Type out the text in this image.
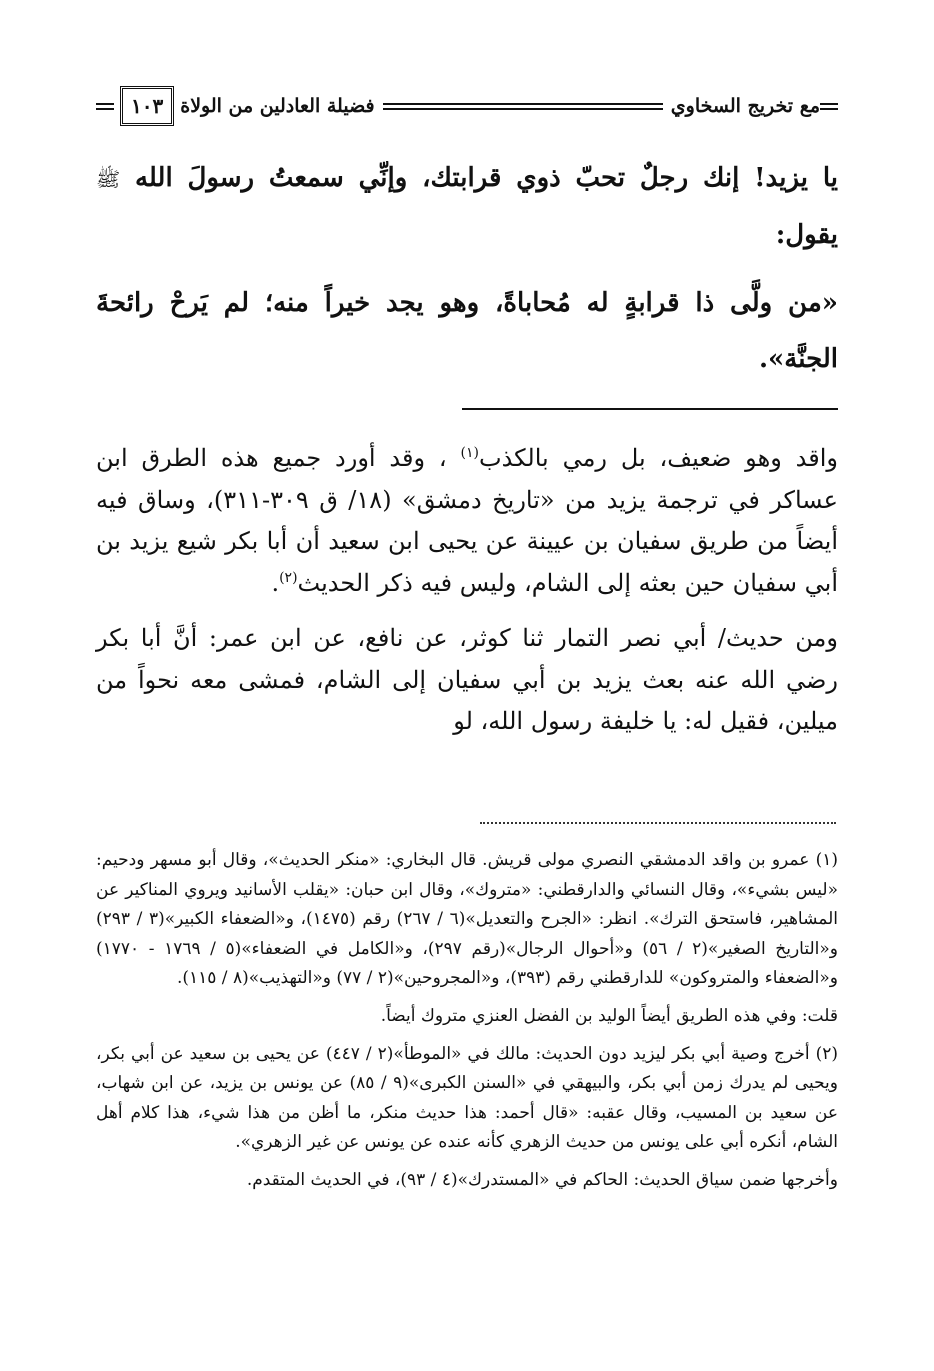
مع تخريج السخاوي
فضيلة العادلين من الولاة
١٠٣

يا يزيد! إنك رجلٌ تحبّ ذوي قرابتك، وإنِّي سمعتُ رسولَ الله ﷺ يقول:

«من ولَّى ذا قرابةٍ له مُحاباةً، وهو يجد خيراً منه؛ لم يَرحْ رائحةَ الجنَّة».

واقد وهو ضعيف، بل رمي بالكذب$^{(١)}$ ، وقد أورد جميع هذه الطرق ابن عساكر في ترجمة يزيد من «تاريخ دمشق» (١٨/ ق ٣٠٩-٣١١)، وساق فيه أيضاً من طريق سفيان بن عيينة عن يحيى ابن سعيد أن أبا بكر شيع يزيد بن أبي سفيان حين بعثه إلى الشام، وليس فيه ذكر الحديث$^{(٢)}$.

ومن حديث/ أبي نصر التمار ثنا كوثر، عن نافع، عن ابن عمر: أنَّ أبا بكر رضي الله عنه بعث يزيد بن أبي سفيان إلى الشام، فمشى معه نحواً من ميلين، فقيل له: يا خليفة رسول الله، لو

(١) عمرو بن واقد الدمشقي النصري مولى قريش. قال البخاري: «منكر الحديث»، وقال أبو مسهر ودحيم: «ليس بشيء»، وقال النسائي والدارقطني: «متروك»، وقال ابن حبان: «يقلب الأسانيد ويروي المناكير عن المشاهير، فاستحق الترك». انظر: «الجرح والتعديل»(٦ / ٢٦٧) رقم (١٤٧٥)، و«الضعفاء الكبير»(٣ / ٢٩٣) و«التاريخ الصغير»(٢ / ٥٦) و«أحوال الرجال»(رقم ٢٩٧)، و«الكامل في الضعفاء»(٥ / ١٧٦٩ - ١٧٧٠) و«الضعفاء والمتروكون» للدارقطني رقم (٣٩٣)، و«المجروحين»(٢ / ٧٧) و«التهذيب»(٨ / ١١٥).

قلت: وفي هذه الطريق أيضاً الوليد بن الفضل العنزي متروك أيضاً.

(٢) أخرج وصية أبي بكر ليزيد دون الحديث: مالك في «الموطأ»(٢ / ٤٤٧) عن يحيى بن سعيد عن أبي بكر، ويحيى لم يدرك زمن أبي بكر، والبيهقي في «السنن الكبرى»(٩ / ٨٥) عن يونس بن يزيد، عن ابن شهاب، عن سعيد بن المسيب، وقال عقبه: «قال أحمد: هذا حديث منكر، ما أظن من هذا شيء، هذا كلام أهل الشام، أنكره أبي على يونس من حديث الزهري كأنه عنده عن يونس عن غير الزهري».

وأخرجها ضمن سياق الحديث: الحاكم في «المستدرك»(٤ / ٩٣)، في الحديث المتقدم.
